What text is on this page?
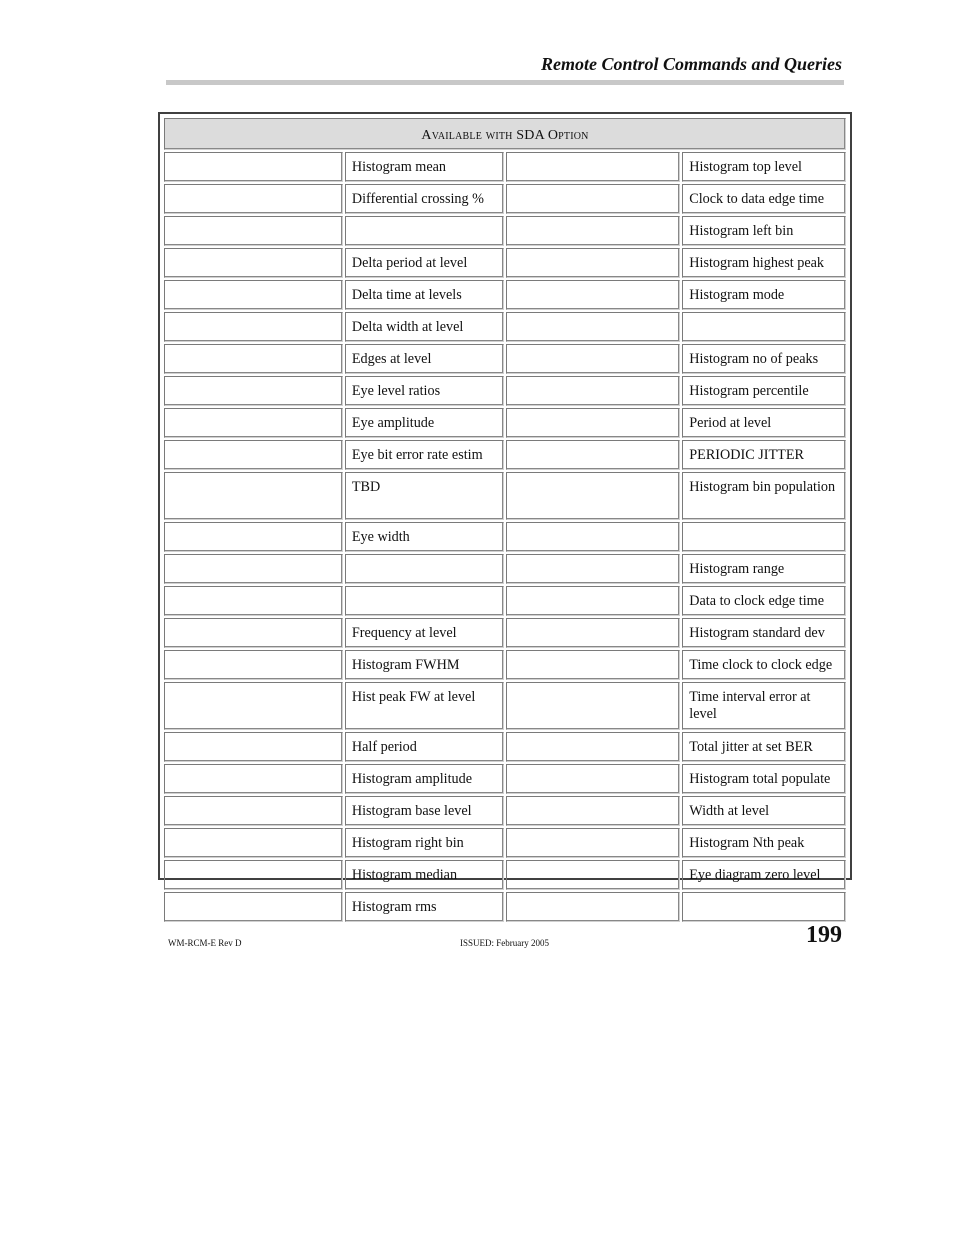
Remote Control Commands and Queries
Available with SDA Option			
	Histogram mean		Histogram top level
	Differential crossing %		Clock to data edge time
			Histogram left bin
	Delta period at level		Histogram highest peak
	Delta time at levels		Histogram mode
	Delta width at level		
	Edges at level		Histogram no of peaks
	Eye level ratios		Histogram percentile
	Eye amplitude		Period at level
	Eye bit error rate estim		PERIODIC JITTER
	TBD		Histogram bin population
	Eye width		
			Histogram range
			Data to clock edge time
	Frequency at level		Histogram standard dev
	Histogram FWHM		Time clock to clock edge
	Hist peak FW at level		Time interval error at level
	Half period		Total jitter at set BER
	Histogram amplitude		Histogram total populate
	Histogram base level		Width at level
	Histogram right bin		Histogram Nth peak
	Histogram median		Eye diagram zero level
	Histogram rms		
WM-RCM-E Rev D	ISSUED: February 2005	199
